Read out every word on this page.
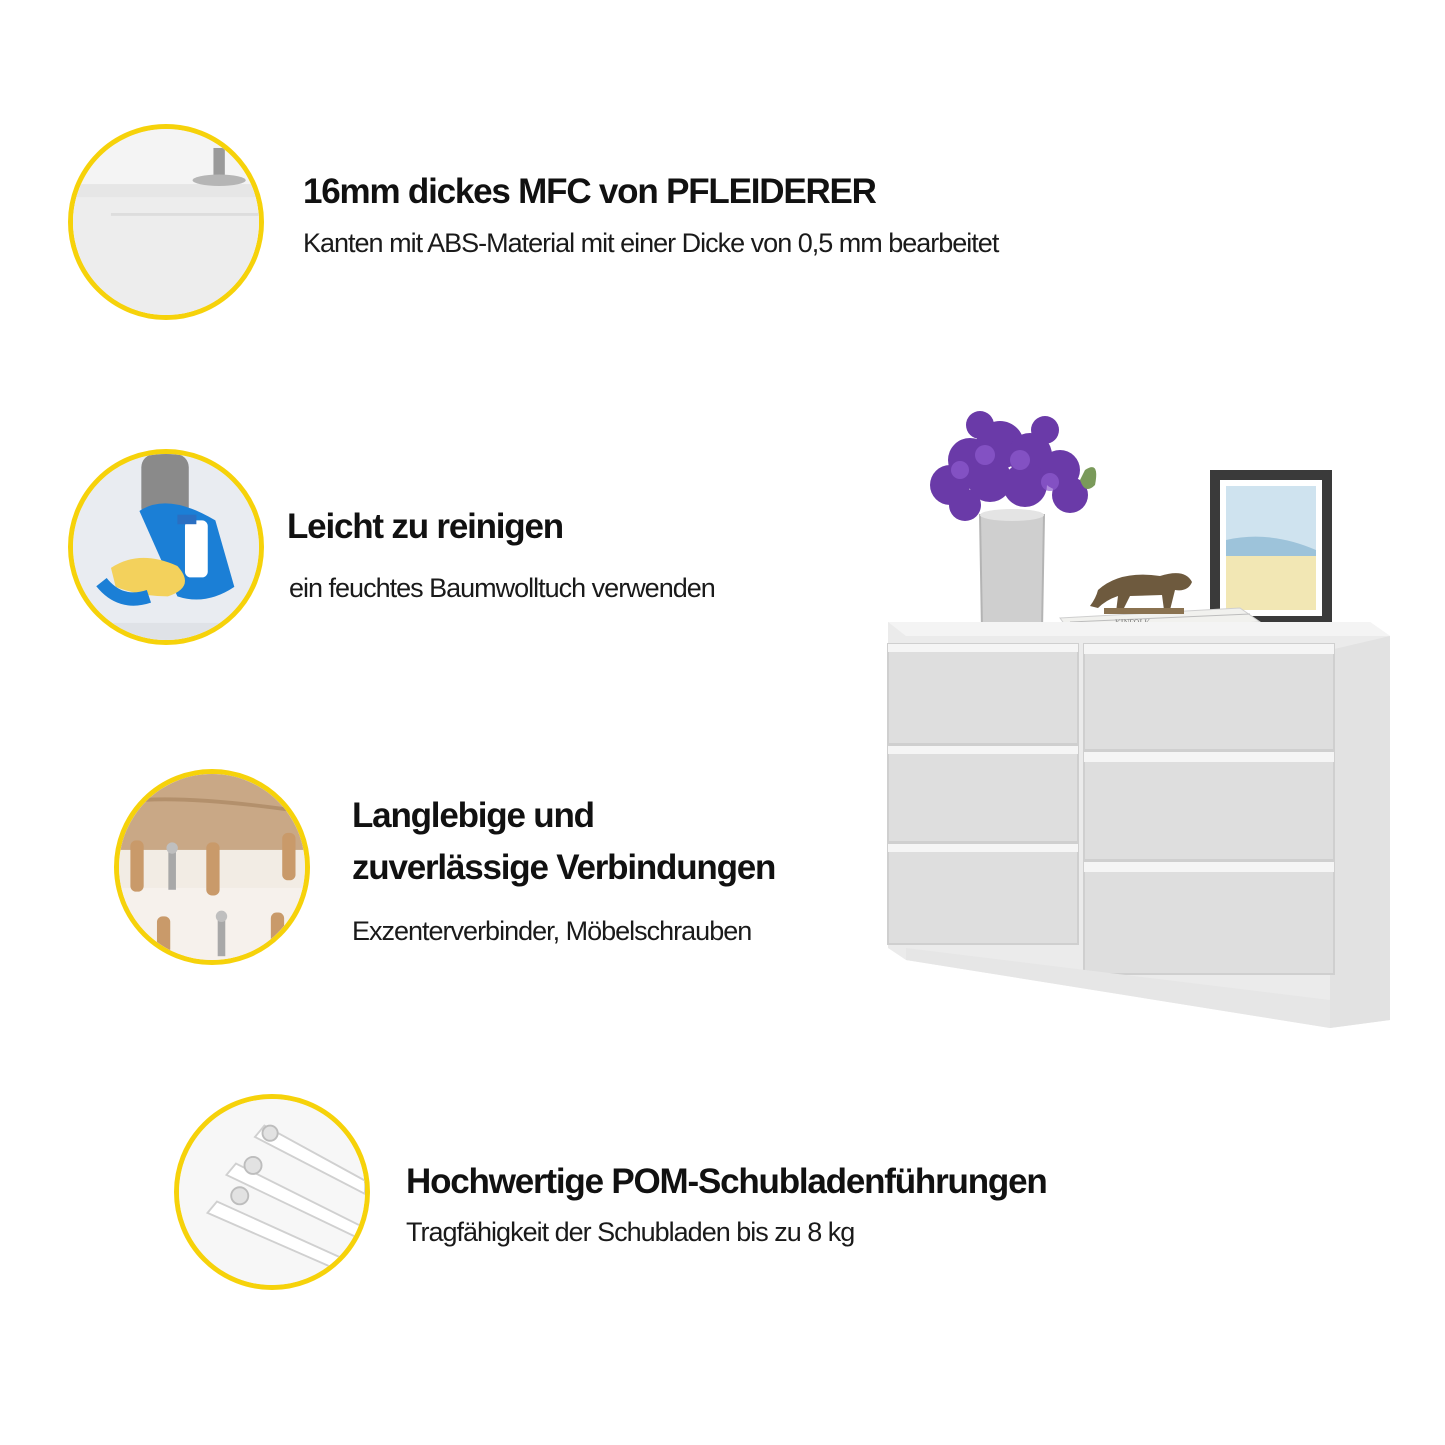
16mm dickes MFC von PFLEIDERER
Kanten mit ABS-Material mit einer Dicke von 0,5 mm bearbeitet
Leicht zu reinigen
ein feuchtes Baumwolltuch verwenden
Langlebige und
zuverlässige Verbindungen
Exzenterverbinder, Möbelschrauben
Hochwertige POM-Schubladenführungen
Tragfähigkeit der Schubladen bis zu 8 kg
